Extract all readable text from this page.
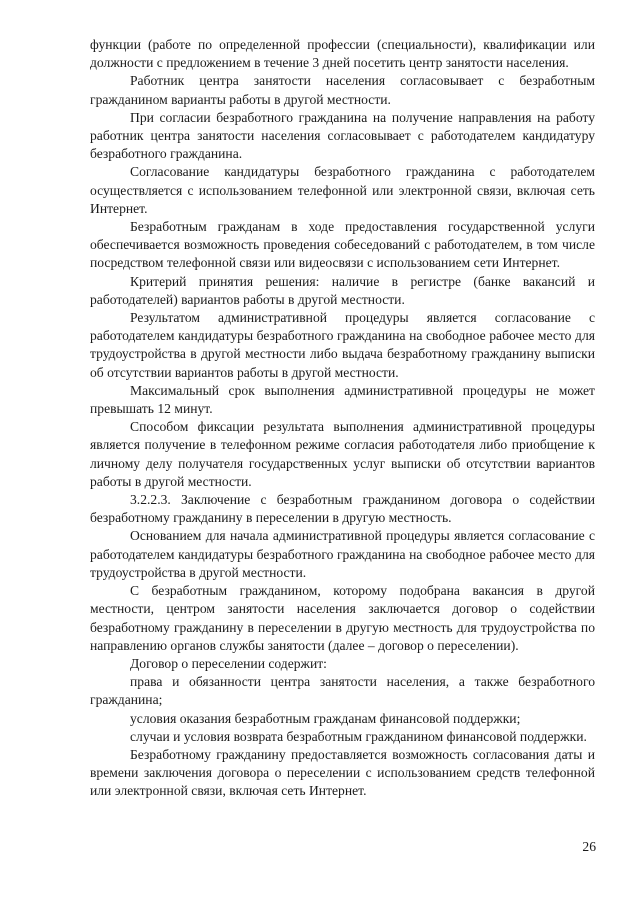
функции (работе по определенной профессии (специальности), квалификации или должности с предложением в течение 3 дней посетить центр занятости населения.

Работник центра занятости населения согласовывает с безработным гражданином варианты работы в другой местности.

При согласии безработного гражданина на получение направления на работу работник центра занятости населения согласовывает с работодателем кандидатуру безработного гражданина.

Согласование кандидатуры безработного гражданина с работодателем осуществляется с использованием телефонной или электронной связи, включая сеть Интернет.

Безработным гражданам в ходе предоставления государственной услуги обеспечивается возможность проведения собеседований с работодателем, в том числе посредством телефонной связи или видеосвязи с использованием сети Интернет.

Критерий принятия решения: наличие в регистре (банке вакансий и работодателей) вариантов работы в другой местности.

Результатом административной процедуры является согласование с работодателем кандидатуры безработного гражданина на свободное рабочее место для трудоустройства в другой местности либо выдача безработному гражданину выписки об отсутствии вариантов работы в другой местности.

Максимальный срок выполнения административной процедуры не может превышать 12 минут.

Способом фиксации результата выполнения административной процедуры является получение в телефонном режиме согласия работодателя либо приобщение к личному делу получателя государственных услуг выписки об отсутствии вариантов работы в другой местности.

3.2.2.3. Заключение с безработным гражданином договора о содействии безработному гражданину в переселении в другую местность.

Основанием для начала административной процедуры является согласование с работодателем кандидатуры безработного гражданина на свободное рабочее место для трудоустройства в другой местности.

С безработным гражданином, которому подобрана вакансия в другой местности, центром занятости населения заключается договор о содействии безработному гражданину в переселении в другую местность для трудоустройства по направлению органов службы занятости (далее – договор о переселении).

Договор о переселении содержит:

права и обязанности центра занятости населения, а также безработного гражданина;

условия оказания безработным гражданам финансовой поддержки;

случаи и условия возврата безработным гражданином финансовой поддержки.

Безработному гражданину предоставляется возможность согласования даты и времени заключения договора о переселении с использованием средств телефонной или электронной связи, включая сеть Интернет.

26
